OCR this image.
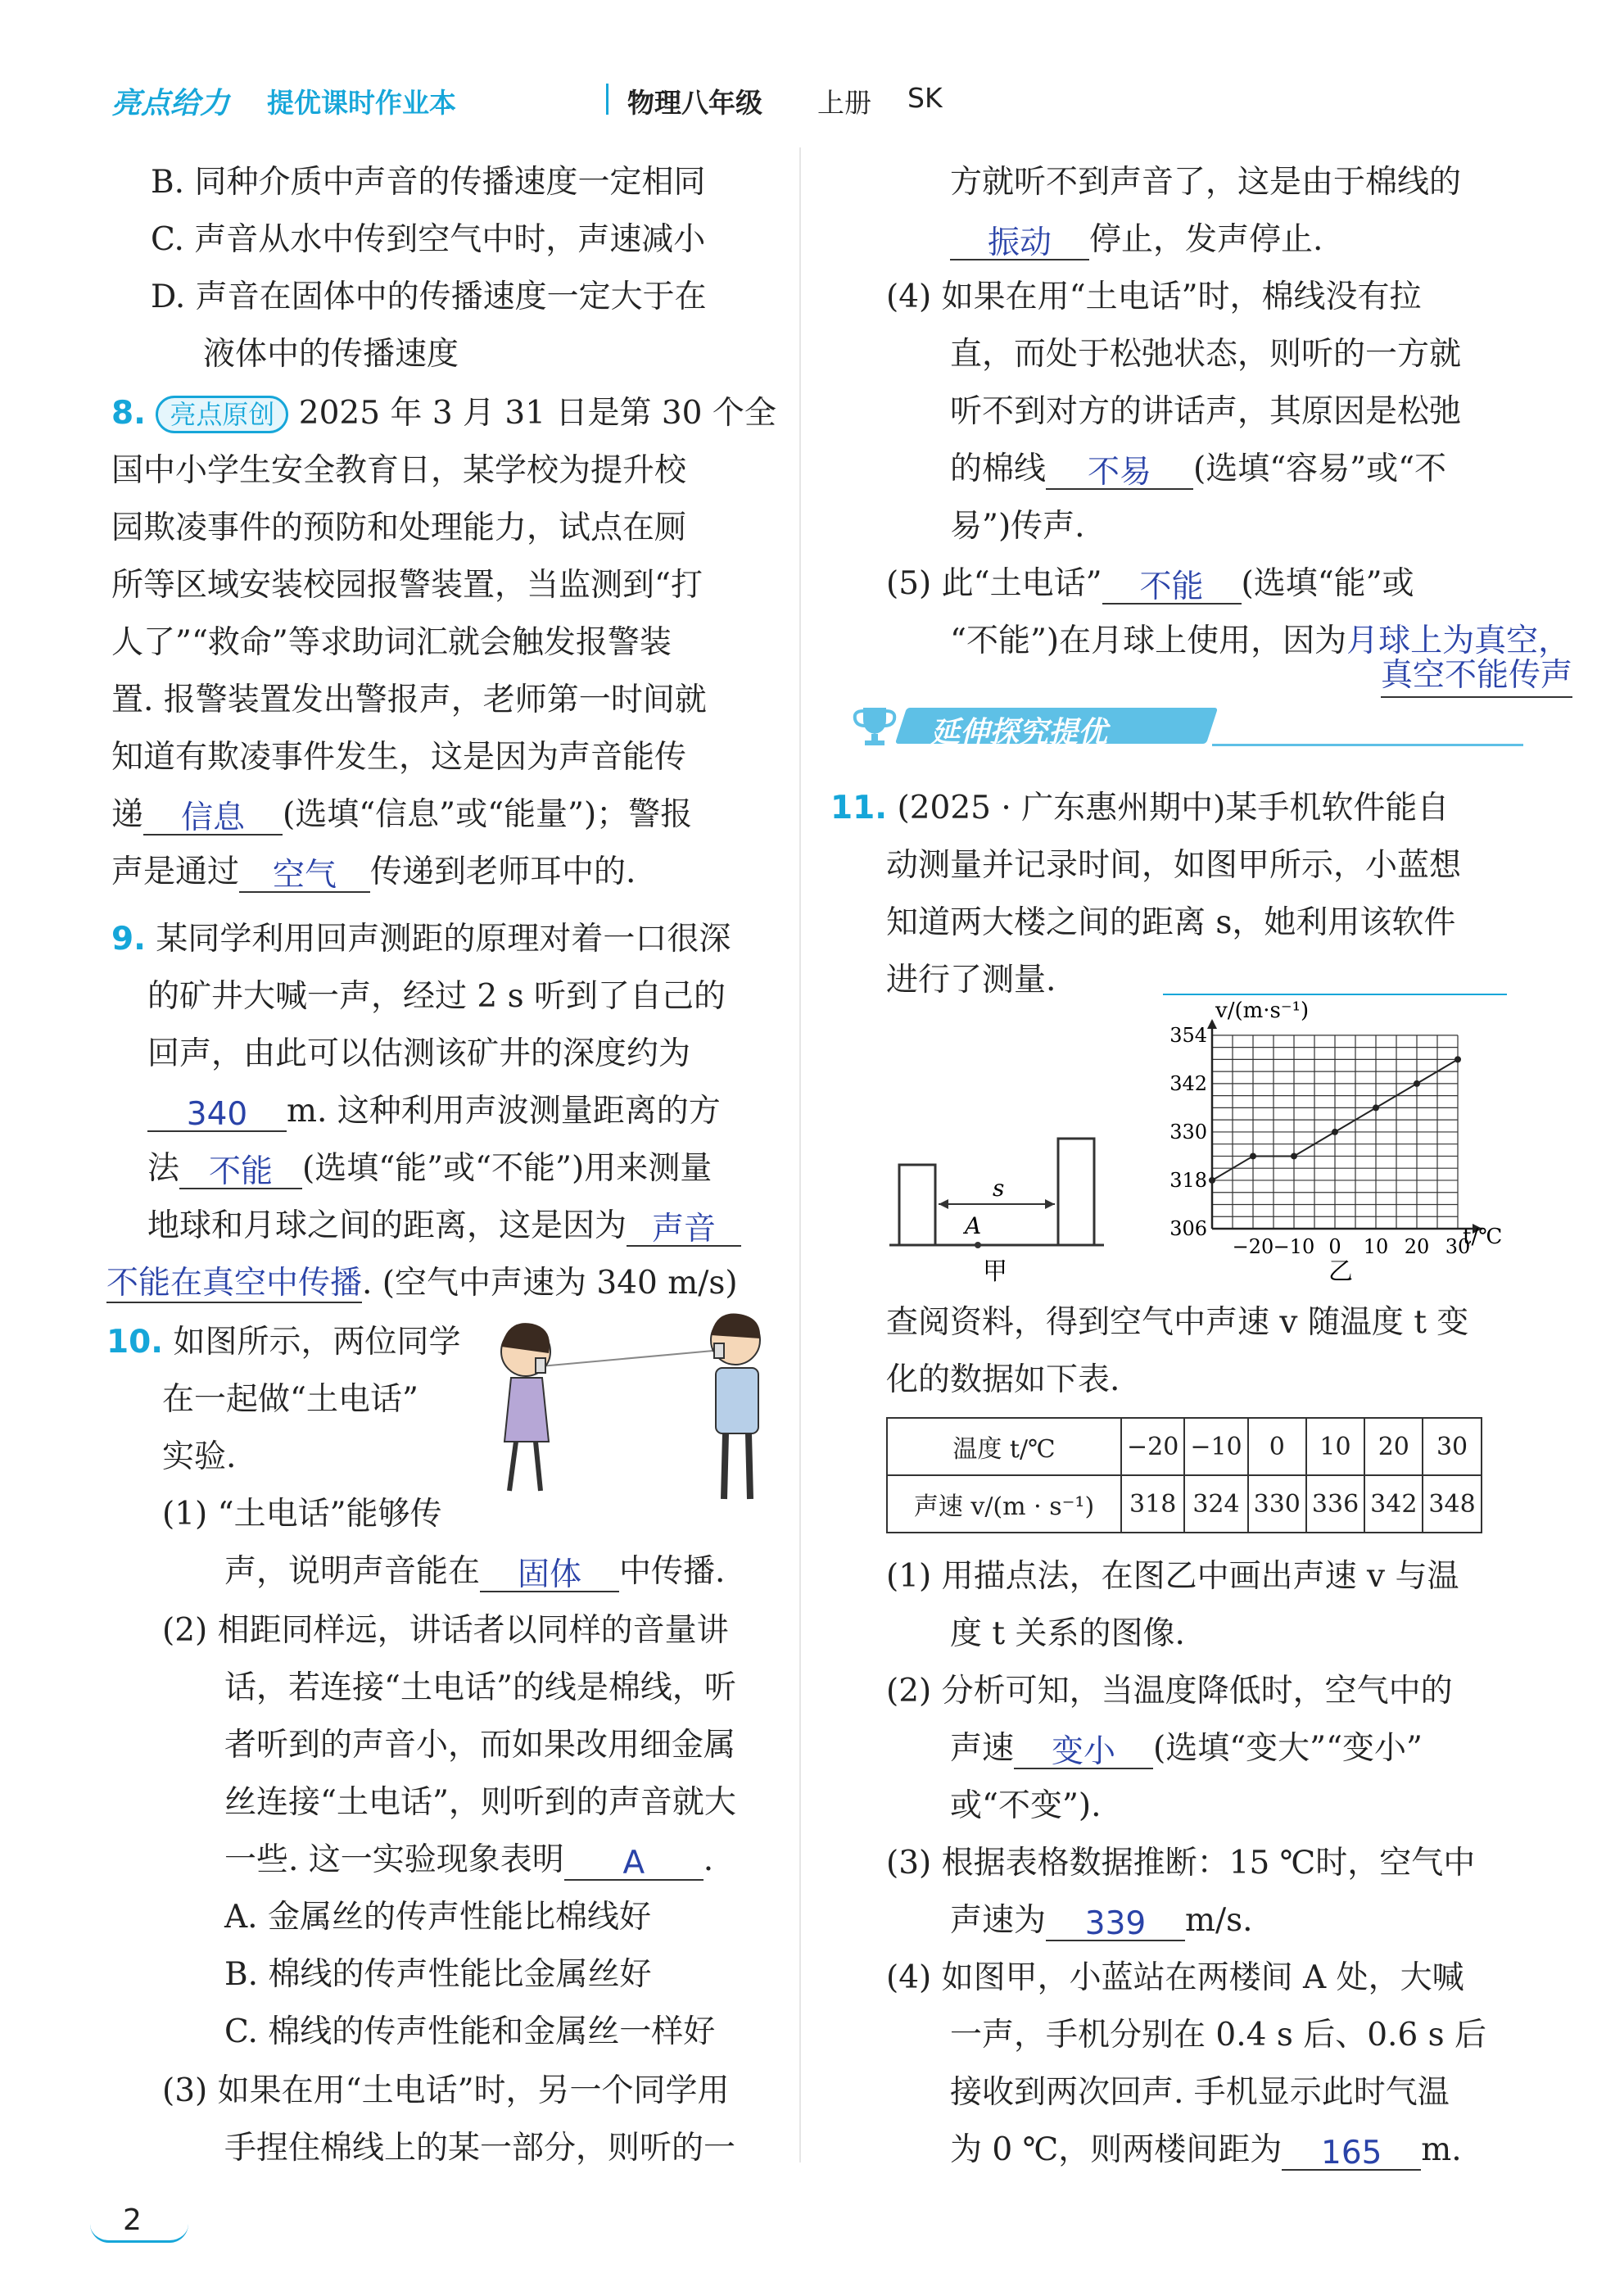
亮点给力 提优课时作业本	物理八年级 上册 SK
B. 同种介质中声音的传播速度一定相同
C. 声音从水中传到空气中时，声速减小
D. 声音在固体中的传播速度一定大于在
液体中的传播速度
8. 亮点原创 2025 年 3 月 31 日是第 30 个全
国中小学生安全教育日，某学校为提升校
园欺凌事件的预防和处理能力，试点在厕
所等区域安装校园报警装置，当监测到“打
人了”“救命”等求助词汇就会触发报警装
置. 报警装置发出警报声，老师第一时间就
知道有欺凌事件发生，这是因为声音能传
递 信息 (选填“信息”或“能量”)；警报
声是通过 空气 传递到老师耳中的.
9. 某同学利用回声测距的原理对着一口很深
的矿井大喊一声，经过 2 s 听到了自己的
回声，由此可以估测该矿井的深度约为
340 m. 这种利用声波测量距离的方
法 不能 (选填“能”或“不能”)用来测量
地球和月球之间的距离，这是因为 声音
不能在真空中传播. (空气中声速为 340 m/s)
10. 如图所示，两位同学
在一起做“土电话”
实验.
(1) “土电话”能够传
声，说明声音能在 固体 中传播.
(2) 相距同样远，讲话者以同样的音量讲
话，若连接“土电话”的线是棉线，听
者听到的声音小，而如果改用细金属
丝连接“土电话”，则听到的声音就大
一些. 这一实验现象表明 A .
A. 金属丝的传声性能比棉线好
B. 棉线的传声性能比金属丝好
C. 棉线的传声性能和金属丝一样好
(3) 如果在用“土电话”时，另一个同学用
手捏住棉线上的某一部分，则听的一
2
方就听不到声音了，这是由于棉线的
振动 停止，发声停止.
(4) 如果在用“土电话”时，棉线没有拉
直，而处于松弛状态，则听的一方就
听不到对方的讲话声，其原因是松弛
的棉线 不易 (选填“容易”或“不
易”)传声.
(5) 此“土电话” 不能 (选填“能”或
“不能”)在月球上使用，因为月球上为真空，
真空不能传声
延伸探究提优
11. (2025 · 广东惠州期中)某手机软件能自
动测量并记录时间，如图甲所示，小蓝想
知道两大楼之间的距离 s，她利用该软件
进行了测量.
s
A
甲
−20 −10 0 10 20 30
306
318
330
342
354
v/(m·s⁻¹)
t/℃
乙
查阅资料，得到空气中声速 v 随温度 t 变
化的数据如下表.
温度 t/℃	−20	−10	0	10	20	30
声速 v/(m · s⁻¹)	318	324	330	336	342	348
(1) 用描点法，在图乙中画出声速 v 与温
度 t 关系的图像.
(2) 分析可知，当温度降低时，空气中的
声速 变小 (选填“变大”“变小”
或“不变”).
(3) 根据表格数据推断：15 ℃时，空气中
声速为 339 m/s.
(4) 如图甲，小蓝站在两楼间 A 处，大喊
一声，手机分别在 0.4 s 后、0.6 s 后
接收到两次回声. 手机显示此时气温
为 0 ℃，则两楼间距为 165 m.
